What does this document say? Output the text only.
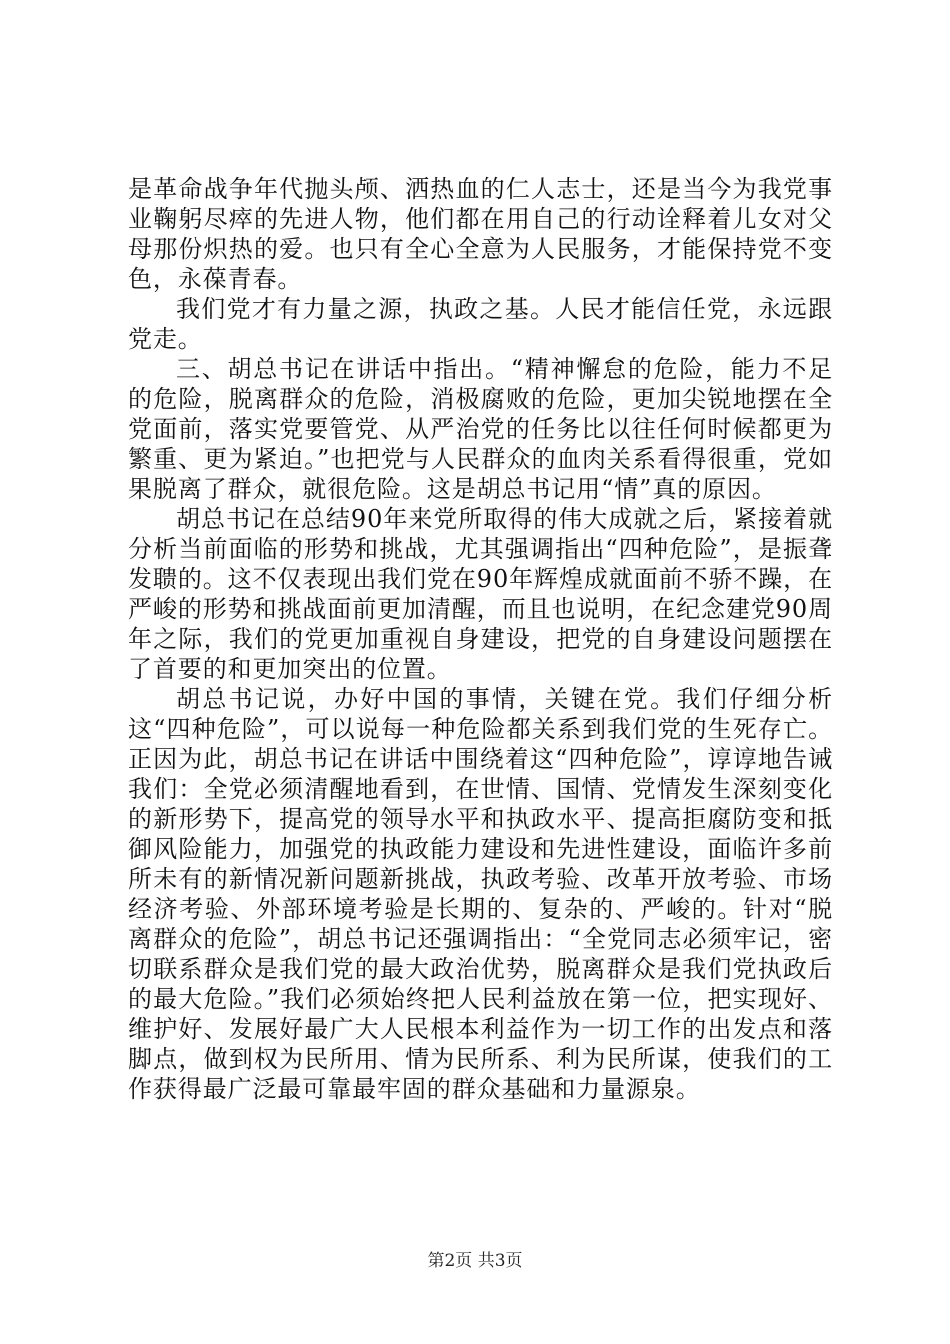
是革命战争年代抛头颅、洒热血的仁人志士，还是当今为我党事业鞠躬尽瘁的先进人物，他们都在用自己的行动诠释着儿女对父母那份炽热的爱。也只有全心全意为人民服务，才能保持党不变色，永葆青春。

我们党才有力量之源，执政之基。人民才能信任党，永远跟党走。

三、胡总书记在讲话中指出。“精神懈怠的危险，能力不足的危险，脱离群众的危险，消极腐败的危险，更加尖锐地摆在全党面前，落实党要管党、从严治党的任务比以往任何时候都更为繁重、更为紧迫。”也把党与人民群众的血肉关系看得很重，党如果脱离了群众，就很危险。这是胡总书记用“情”真的原因。

胡总书记在总结90年来党所取得的伟大成就之后，紧接着就分析当前面临的形势和挑战，尤其强调指出“四种危险”，是振聋发聩的。这不仅表现出我们党在90年辉煌成就面前不骄不躁，在严峻的形势和挑战面前更加清醒，而且也说明，在纪念建党90周年之际，我们的党更加重视自身建设，把党的自身建设问题摆在了首要的和更加突出的位置。

胡总书记说，办好中国的事情，关键在党。我们仔细分析这“四种危险”，可以说每一种危险都关系到我们党的生死存亡。正因为此，胡总书记在讲话中围绕着这“四种危险”，谆谆地告诫我们：全党必须清醒地看到，在世情、国情、党情发生深刻变化的新形势下，提高党的领导水平和执政水平、提高拒腐防变和抵御风险能力，加强党的执政能力建设和先进性建设，面临许多前所未有的新情况新问题新挑战，执政考验、改革开放考验、市场经济考验、外部环境考验是长期的、复杂的、严峻的。针对“脱离群众的危险”，胡总书记还强调指出：“全党同志必须牢记，密切联系群众是我们党的最大政治优势，脱离群众是我们党执政后的最大危险。”我们必须始终把人民利益放在第一位，把实现好、维护好、发展好最广大人民根本利益作为一切工作的出发点和落脚点，做到权为民所用、情为民所系、利为民所谋，使我们的工作获得最广泛最可靠最牢固的群众基础和力量源泉。

第2页 共3页
